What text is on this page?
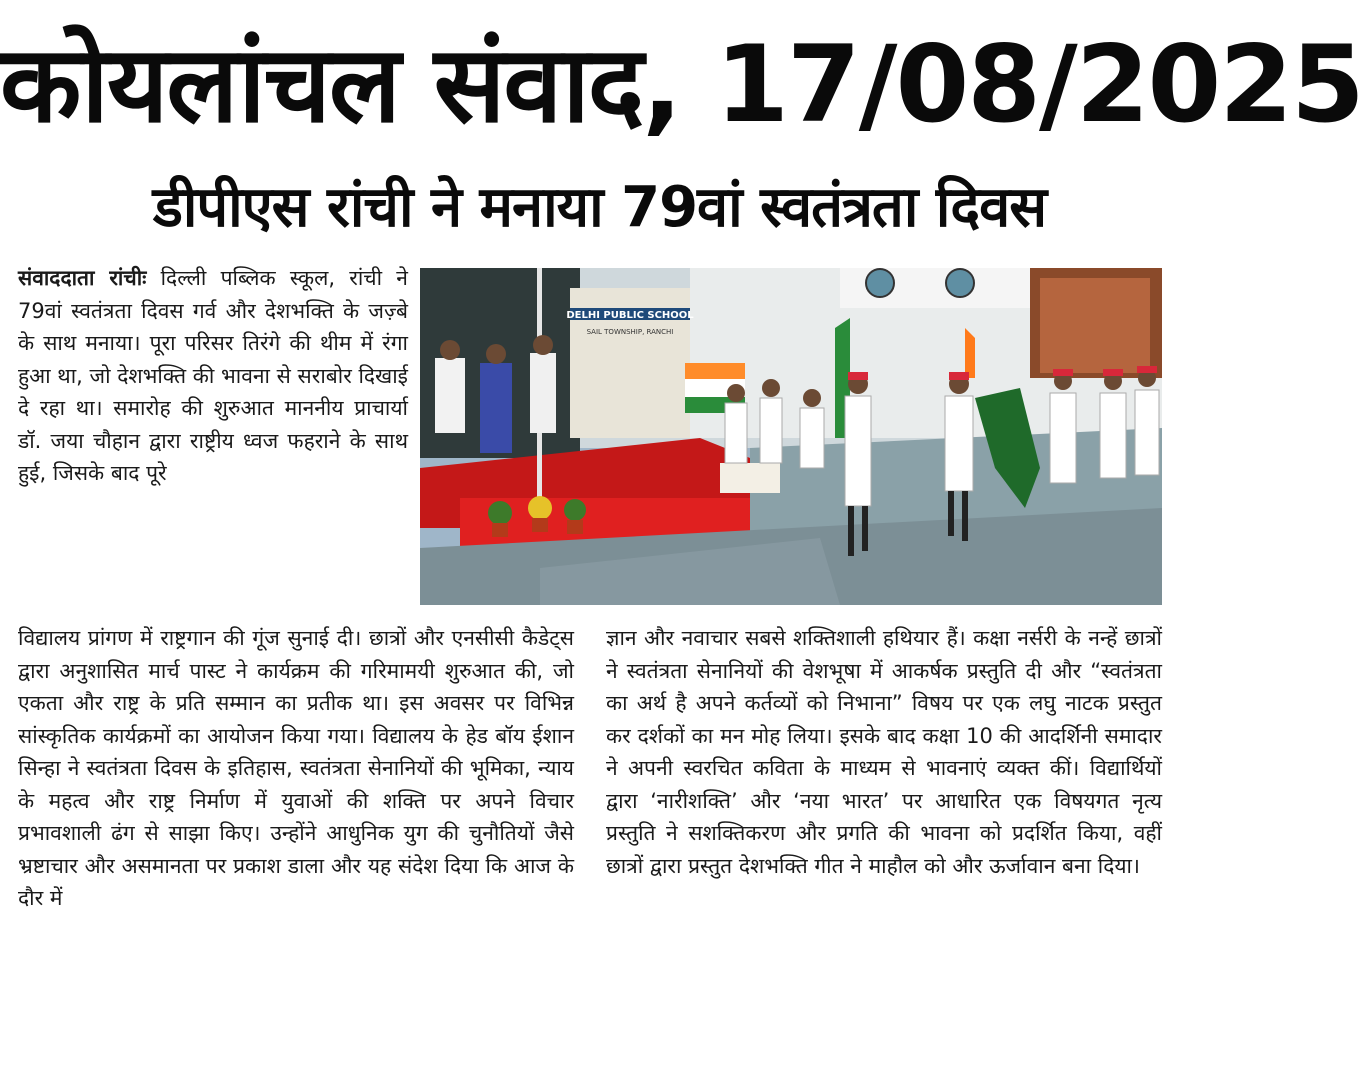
कोयलांचल संवाद, 17/08/2025
डीपीएस रांची ने मनाया 79वां स्वतंत्रता दिवस
संवाददाता रांचीः दिल्ली पब्लिक स्कूल, रांची ने 79वां स्वतंत्रता दिवस गर्व और देशभक्ति के जज़्बे के साथ मनाया। पूरा परिसर तिरंगे की थीम में रंगा हुआ था, जो देशभक्ति की भावना से सराबोर दिखाई दे रहा था। समारोह की शुरुआत माननीय प्राचार्या डॉ. जया चौहान द्वारा राष्ट्रीय ध्वज फहराने के साथ हुई, जिसके बाद पूरे
DELHI PUBLIC SCHOOL
SAIL TOWNSHIP, RANCHI
विद्यालय प्रांगण में राष्ट्रगान की गूंज सुनाई दी। छात्रों और एनसीसी कैडेट्स द्वारा अनुशासित मार्च पास्ट ने कार्यक्रम की गरिमामयी शुरुआत की, जो एकता और राष्ट्र के प्रति सम्मान का प्रतीक था। इस अवसर पर विभिन्न सांस्कृतिक कार्यक्रमों का आयोजन किया गया। विद्यालय के हेड बॉय ईशान सिन्हा ने स्वतंत्रता दिवस के इतिहास, स्वतंत्रता सेनानियों की भूमिका, न्याय के महत्व और राष्ट्र निर्माण में युवाओं की शक्ति पर अपने विचार प्रभावशाली ढंग से साझा किए। उन्होंने आधुनिक युग की चुनौतियों जैसे भ्रष्टाचार और असमानता पर प्रकाश डाला और यह संदेश दिया कि आज के दौर में
ज्ञान और नवाचार सबसे शक्तिशाली हथियार हैं। कक्षा नर्सरी के नन्हें छात्रों ने स्वतंत्रता सेनानियों की वेशभूषा में आकर्षक प्रस्तुति दी और “स्वतंत्रता का अर्थ है अपने कर्तव्यों को निभाना” विषय पर एक लघु नाटक प्रस्तुत कर दर्शकों का मन मोह लिया। इसके बाद कक्षा 10 की आदर्शिनी समादार ने अपनी स्वरचित कविता के माध्यम से भावनाएं व्यक्त कीं। विद्यार्थियों द्वारा ‘नारीशक्ति’ और ‘नया भारत’ पर आधारित एक विषयगत नृत्य प्रस्तुति ने सशक्तिकरण और प्रगति की भावना को प्रदर्शित किया, वहीं छात्रों द्वारा प्रस्तुत देशभक्ति गीत ने माहौल को और ऊर्जावान बना दिया।
